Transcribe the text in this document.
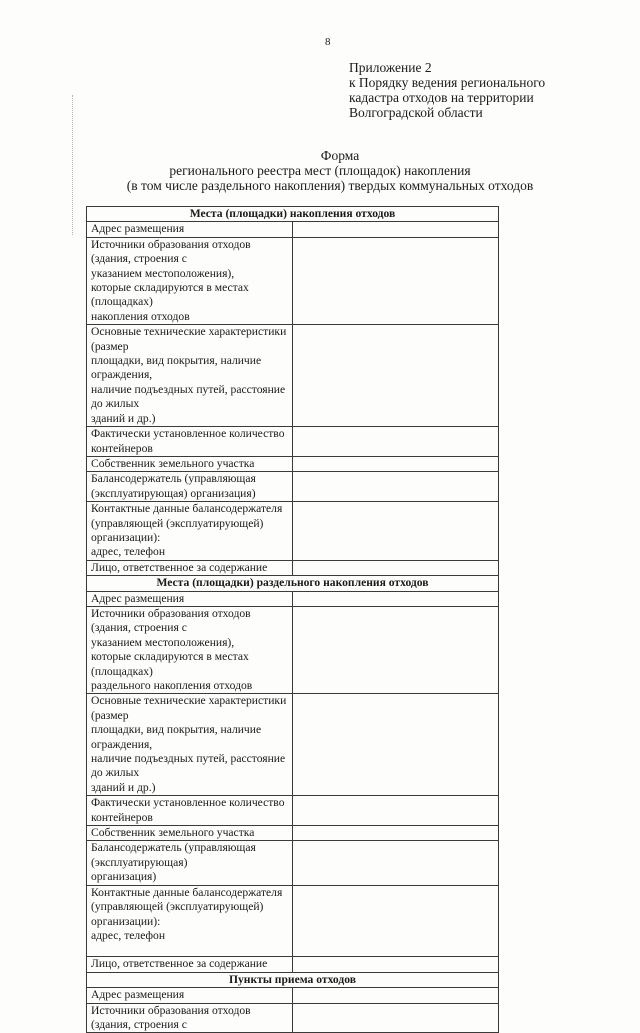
8
Приложение 2
к Порядку ведения регионального
кадастра отходов на территории
Волгоградской области
Форма
регионального реестра мест (площадок) накопления
(в том числе раздельного накопления) твердых коммунальных отходов
Места (площадки) накопления отходов	
Адрес размещения	
Источники образования отходов (здания, строения с
указанием местоположения),
которые складируются в местах (площадках)
накопления отходов	
Основные технические характеристики (размер
площадки, вид покрытия, наличие ограждения,
наличие подъездных путей, расстояние до жилых
зданий и др.)	
Фактически установленное количество контейнеров	
Собственник земельного участка	
Балансодержатель (управляющая
(эксплуатирующая) организация)	
Контактные данные балансодержателя
(управляющей (эксплуатирующей) организации):
адрес, телефон	
Лицо, ответственное за содержание	
Места (площадки) раздельного накопления отходов	
Адрес размещения	
Источники образования отходов (здания, строения с
указанием местоположения),
которые складируются в местах (площадках)
раздельного накопления отходов	
Основные технические характеристики (размер
площадки, вид покрытия, наличие ограждения,
наличие подъездных путей, расстояние до жилых
зданий и др.)	
Фактически установленное количество контейнеров	
Собственник земельного участка	
Балансодержатель (управляющая (эксплуатирующая)
организация)	
Контактные данные балансодержателя
(управляющей (эксплуатирующей) организации):
адрес, телефон	
Лицо, ответственное за содержание	
Пункты приема отходов	
Адрес размещения	
Источники образования отходов (здания, строения с	
